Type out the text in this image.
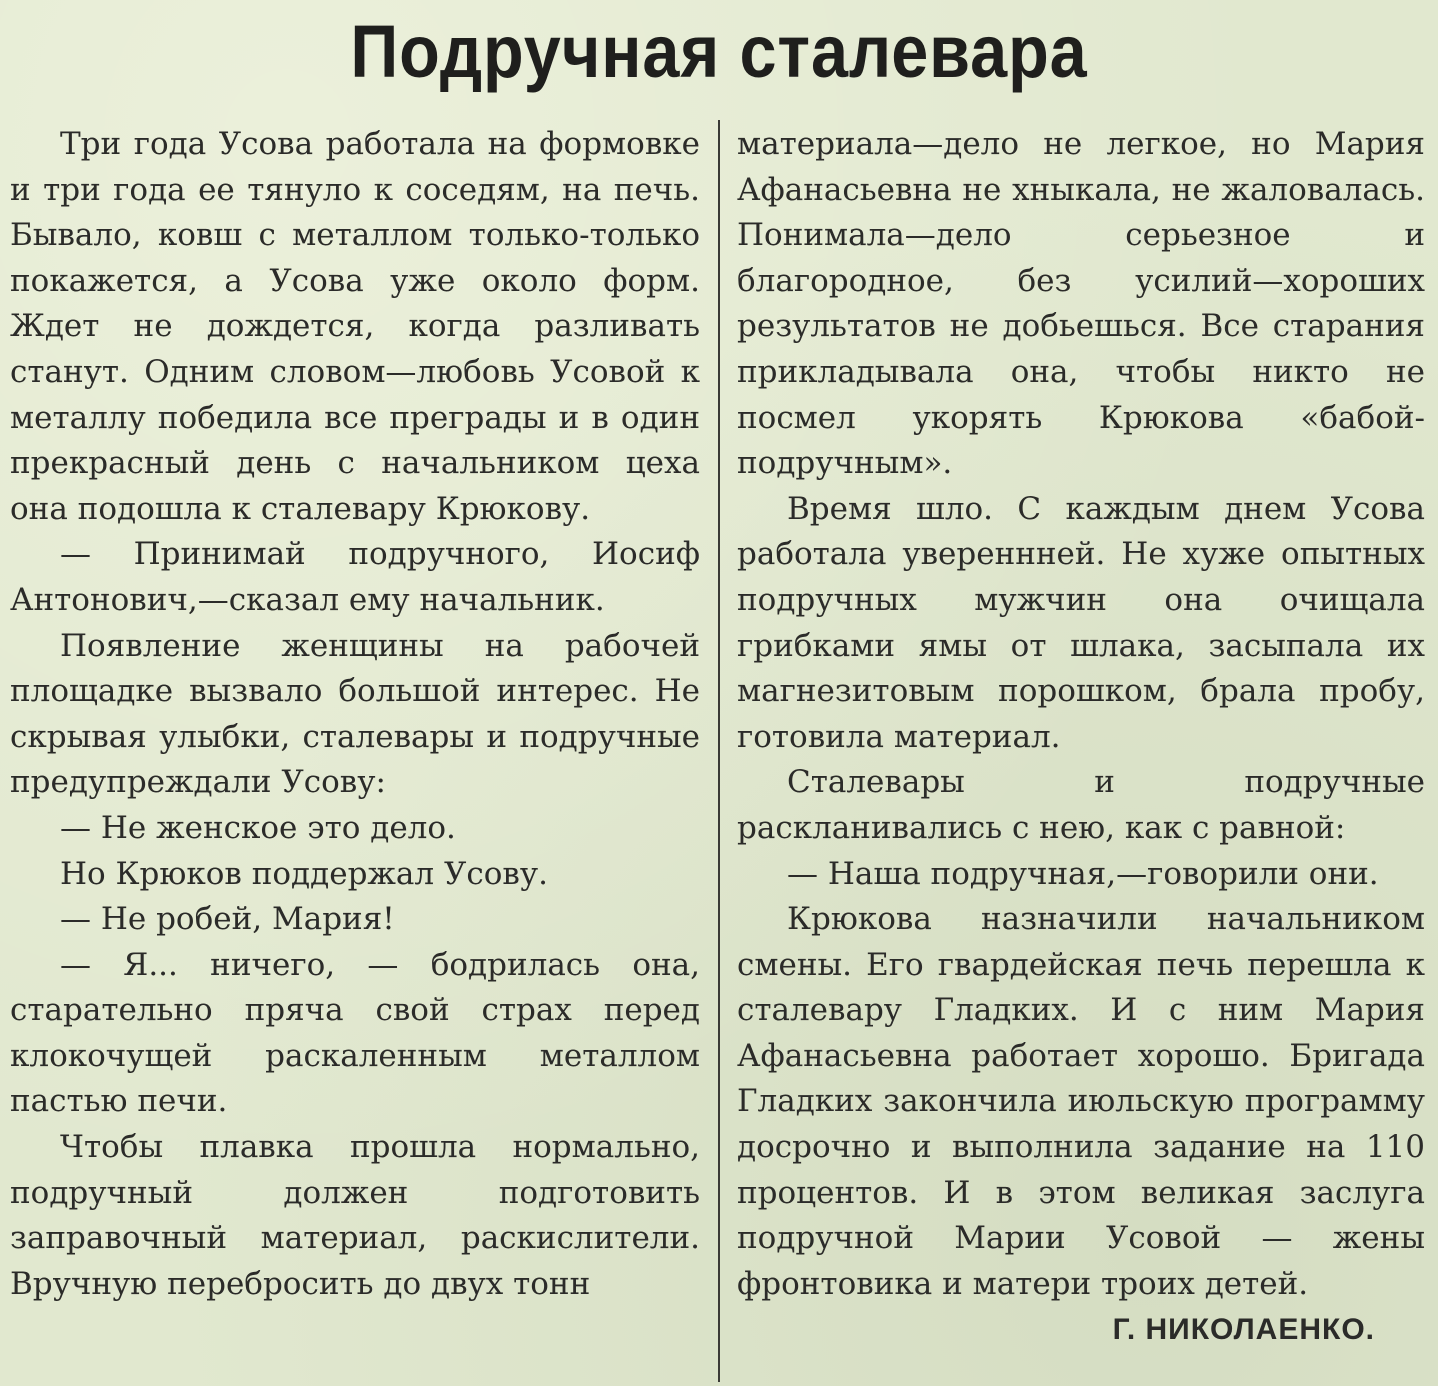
Подручная сталевара

Три года Усова работала на формовке и три года ее тянуло к соседям, на печь. Бывало, ковш с металлом только-только покажется, а Усова уже около форм. Ждет не дождется, когда разливать станут. Одним словом—любовь Усовой к металлу победила все преграды и в один прекрасный день с начальником цеха она подошла к сталевару Крюкову.

— Принимай подручного, Иосиф Антонович,—сказал ему начальник.

Появление женщины на рабочей площадке вызвало большой интерес. Не скрывая улыбки, сталевары и подручные предупреждали Усову:

— Не женское это дело.

Но Крюков поддержал Усову.

— Не робей, Мария!

— Я... ничего, — бодрилась она, старательно пряча свой страх перед клокочущей раскаленным металлом пастью печи.

Чтобы плавка прошла нормально, подручный должен подготовить заправочный материал, раскислители. Вручную перебросить до двух тонн

материала—дело не легкое, но Мария Афанасьевна не хныкала, не жаловалась. Понимала—дело серьезное и благородное, без усилий—хороших результатов не добьешься. Все старания прикладывала она, чтобы никто не посмел укорять Крюкова «бабой-подручным».

Время шло. С каждым днем Усова работала увереннней. Не хуже опытных подручных мужчин она очищала грибками ямы от шлака, засыпала их магнезитовым порошком, брала пробу, готовила материал.

Сталевары и подручные раскланивались с нею, как с равной:

— Наша подручная,—говорили они.

Крюкова назначили начальником смены. Его гвардейская печь перешла к сталевару Гладких. И с ним Мария Афанасьевна работает хорошо. Бригада Гладких закончила июльскую программу досрочно и выполнила задание на 110 процентов. И в этом великая заслуга подручной Марии Усовой — жены фронтовика и матери троих детей.
Г. НИКОЛАЕНКО.
